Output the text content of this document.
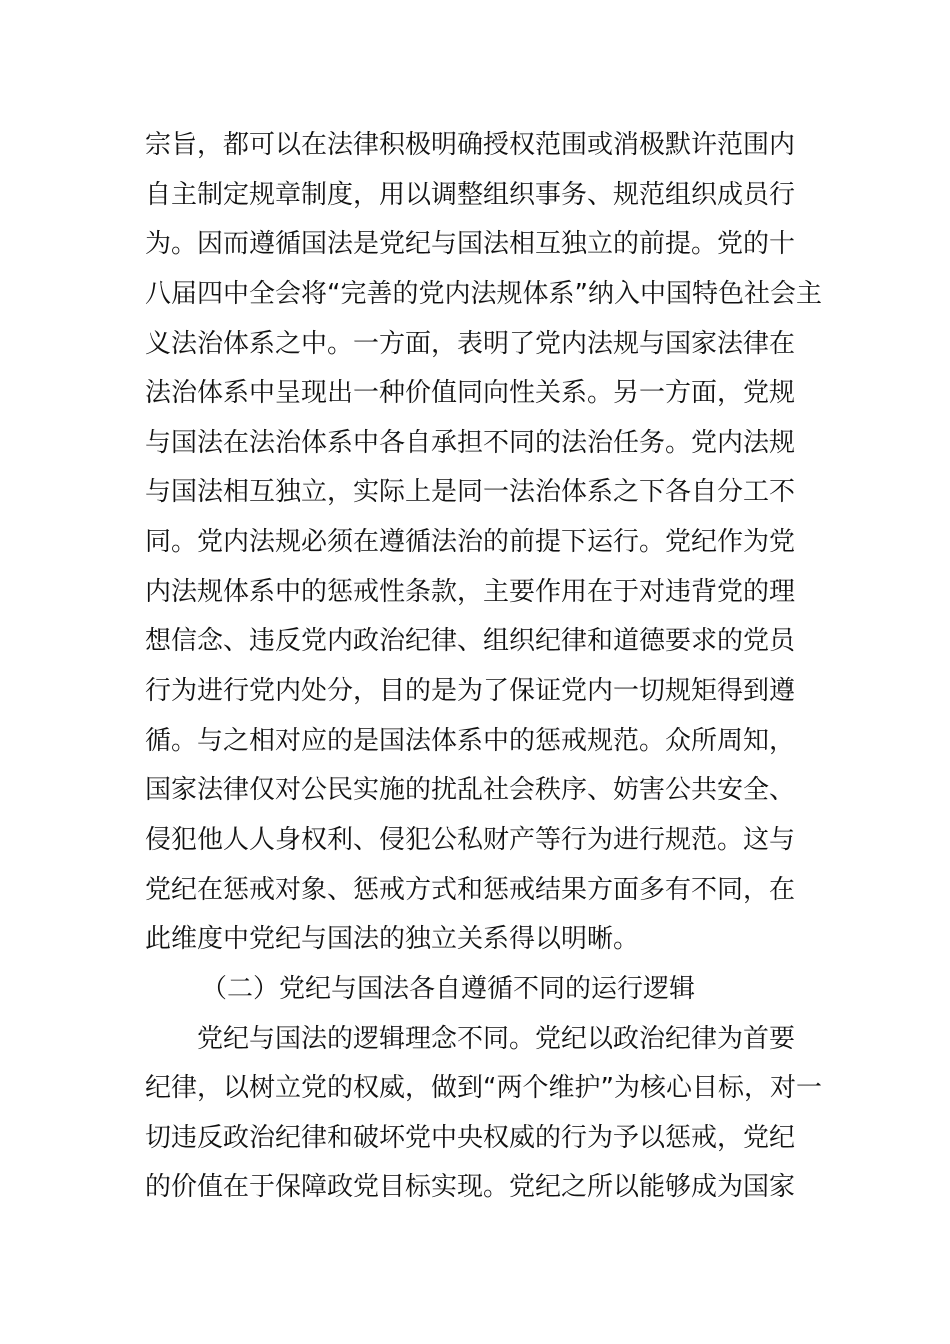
宗旨，都可以在法律积极明确授权范围或消极默许范围内
自主制定规章制度，用以调整组织事务、规范组织成员行
为。因而遵循国法是党纪与国法相互独立的前提。党的十
八届四中全会将“完善的党内法规体系”纳入中国特色社会主
义法治体系之中。一方面，表明了党内法规与国家法律在
法治体系中呈现出一种价值同向性关系。另一方面，党规
与国法在法治体系中各自承担不同的法治任务。党内法规
与国法相互独立，实际上是同一法治体系之下各自分工不
同。党内法规必须在遵循法治的前提下运行。党纪作为党
内法规体系中的惩戒性条款，主要作用在于对违背党的理
想信念、违反党内政治纪律、组织纪律和道德要求的党员
行为进行党内处分，目的是为了保证党内一切规矩得到遵
循。与之相对应的是国法体系中的惩戒规范。众所周知，
国家法律仅对公民实施的扰乱社会秩序、妨害公共安全、
侵犯他人人身权利、侵犯公私财产等行为进行规范。这与
党纪在惩戒对象、惩戒方式和惩戒结果方面多有不同，在
此维度中党纪与国法的独立关系得以明晰。
（二）党纪与国法各自遵循不同的运行逻辑
党纪与国法的逻辑理念不同。党纪以政治纪律为首要
纪律，以树立党的权威，做到“两个维护”为核心目标，对一
切违反政治纪律和破坏党中央权威的行为予以惩戒，党纪
的价值在于保障政党目标实现。党纪之所以能够成为国家
